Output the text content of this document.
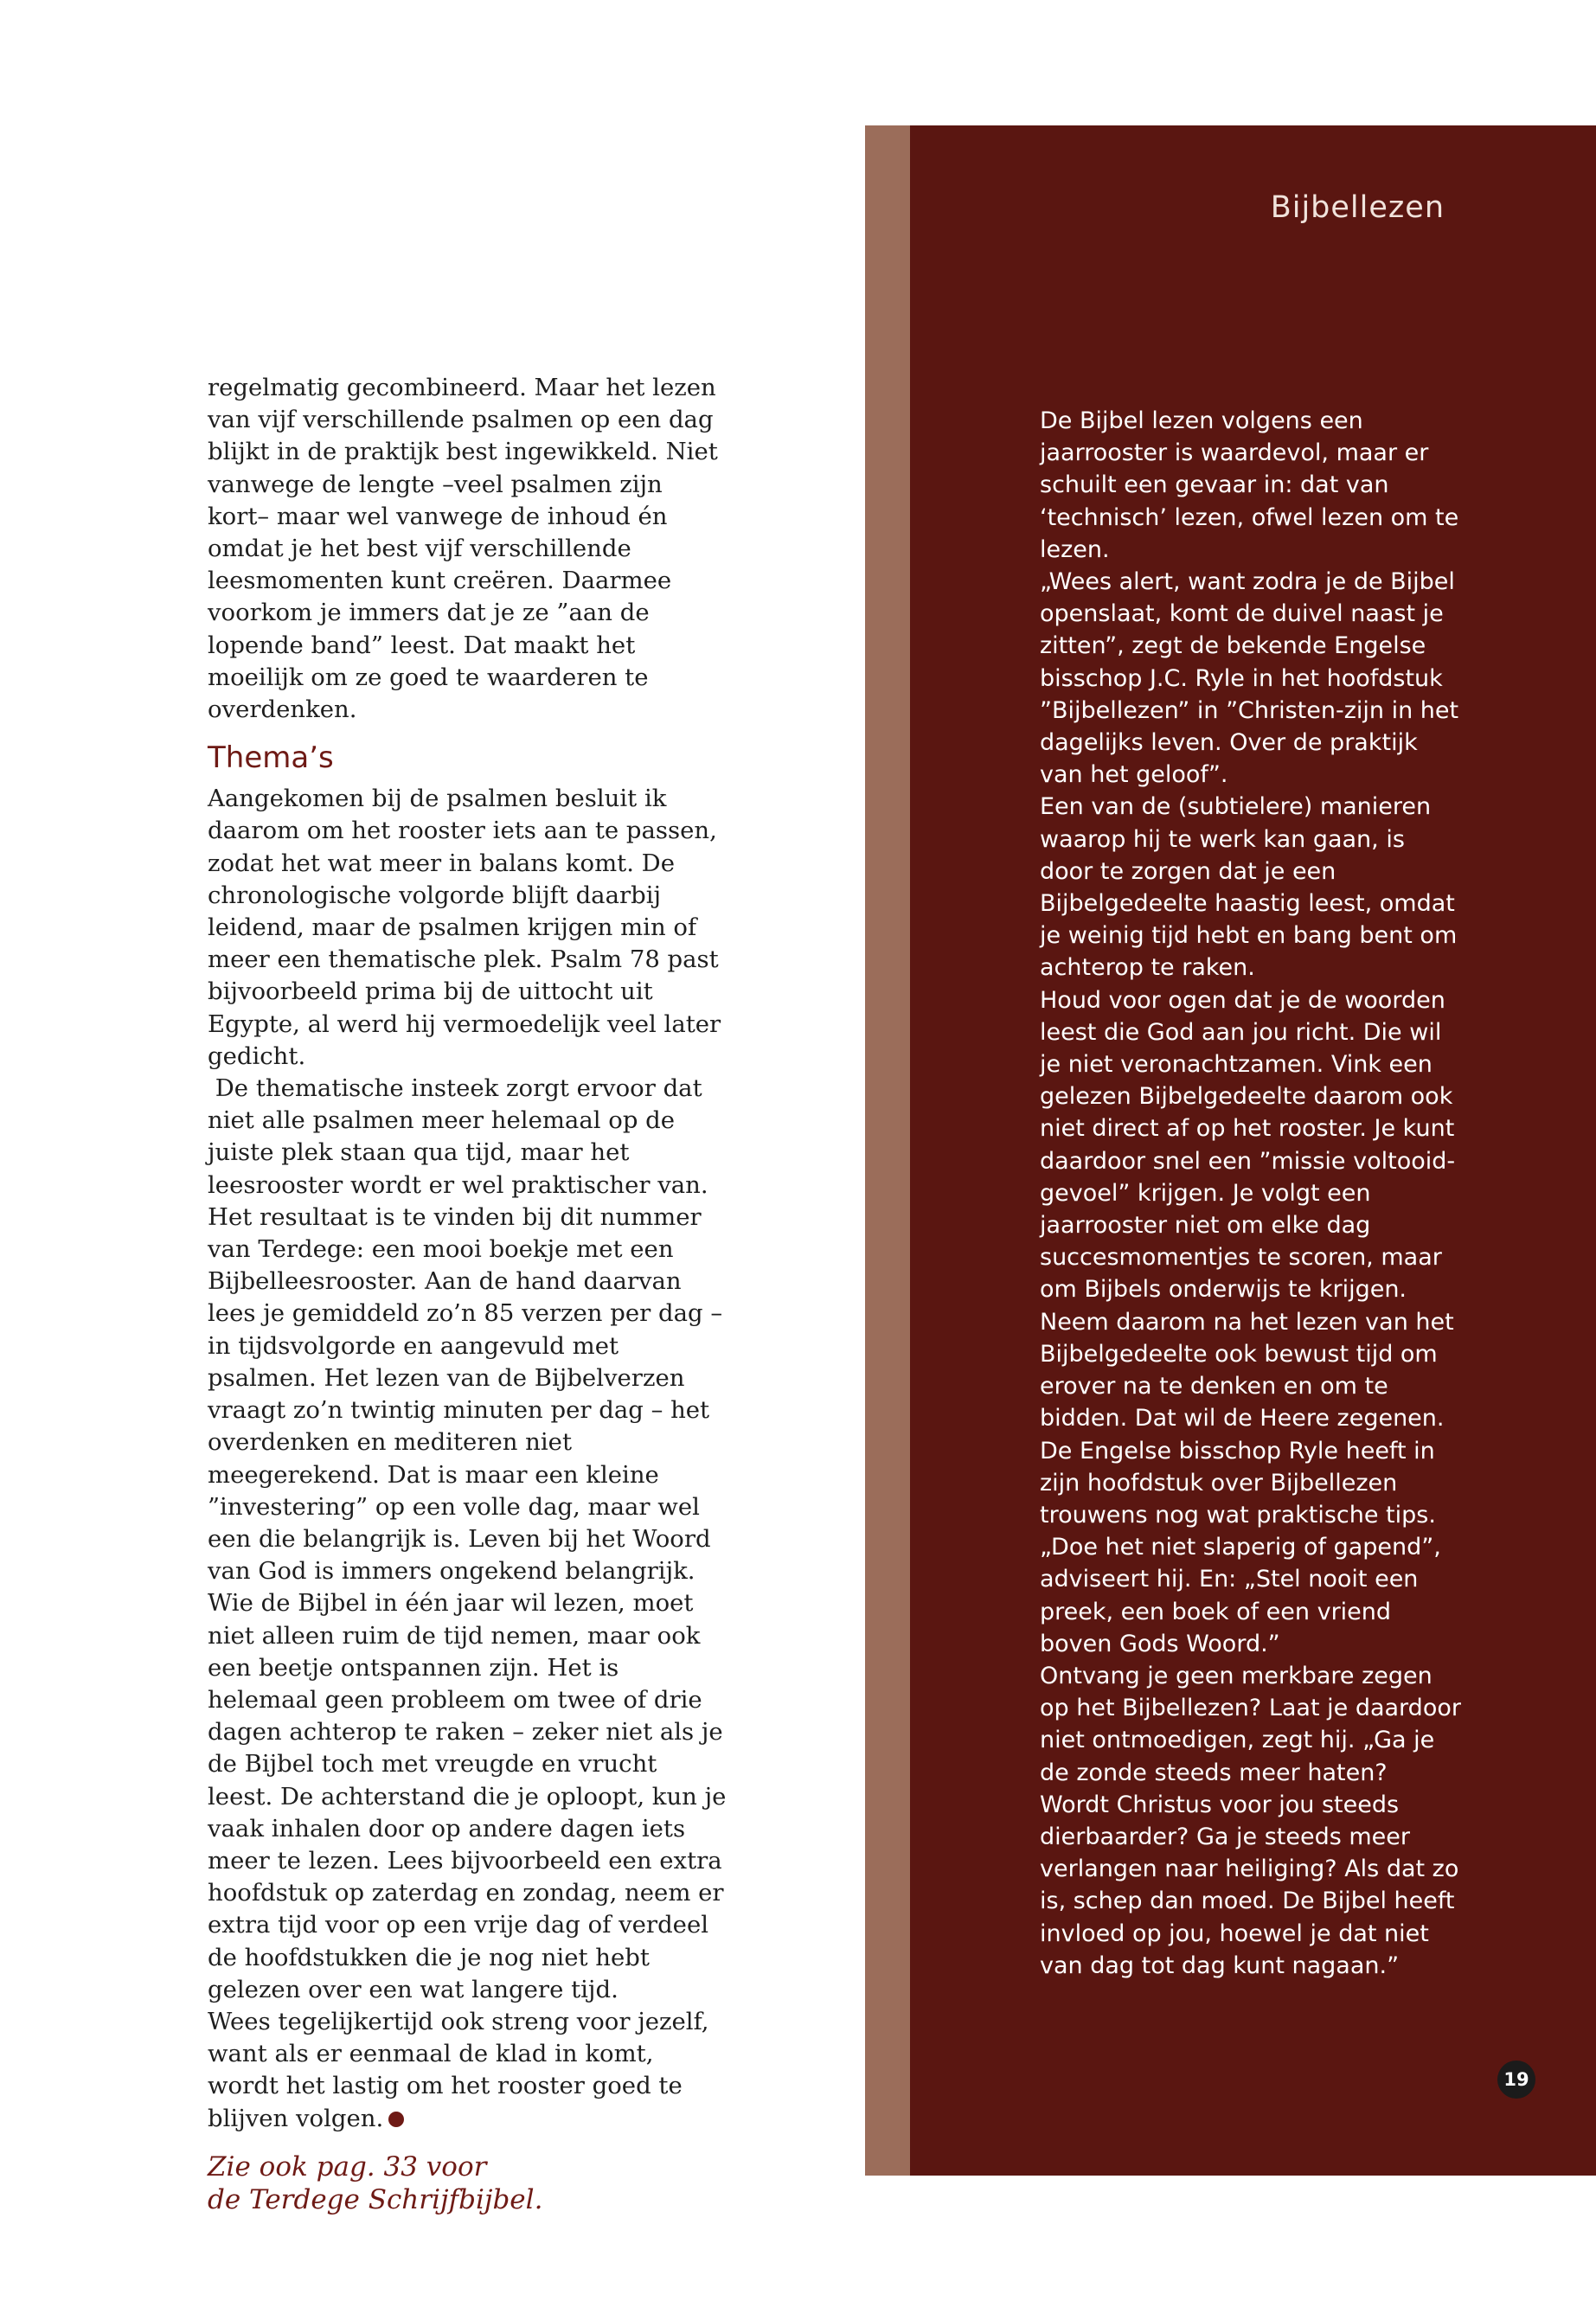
regelmatig gecombineerd. Maar het lezen van vijf verschillende psalmen op een dag blijkt in de praktijk best ingewikkeld. Niet vanwege de lengte –veel psalmen zijn kort– maar wel vanwege de inhoud én omdat je het best vijf verschillende leesmomenten kunt creëren. Daarmee voorkom je immers dat je ze ”aan de lopende band” leest. Dat maakt het moeilijk om ze goed te waarderen te overdenken.

Thema’s

Aangekomen bij de psalmen besluit ik daarom om het rooster iets aan te passen, zodat het wat meer in balans komt. De chronologische volgorde blijft daarbij leidend, maar de psalmen krijgen min of meer een thematische plek. Psalm 78 past bijvoorbeeld prima bij de uittocht uit Egypte, al werd hij vermoedelijk veel later gedicht.

De thematische insteek zorgt ervoor dat niet alle psalmen meer helemaal op de juiste plek staan qua tijd, maar het leesrooster wordt er wel praktischer van. Het resultaat is te vinden bij dit nummer van Terdege: een mooi boekje met een Bijbelleesrooster. Aan de hand daarvan lees je gemiddeld zo’n 85 verzen per dag – in tijdsvolgorde en aangevuld met psalmen. Het lezen van de Bijbelverzen vraagt zo’n twintig minuten per dag – het overdenken en mediteren niet meegerekend. Dat is maar een kleine ”investering” op een volle dag, maar wel een die belangrijk is. Leven bij het Woord van God is immers ongekend belangrijk.

Wie de Bijbel in één jaar wil lezen, moet niet alleen ruim de tijd nemen, maar ook een beetje ontspannen zijn. Het is helemaal geen probleem om twee of drie dagen achterop te raken – zeker niet als je de Bijbel toch met vreugde en vrucht leest. De achterstand die je oploopt, kun je vaak inhalen door op andere dagen iets meer te lezen. Lees bijvoorbeeld een extra hoofdstuk op zaterdag en zondag, neem er extra tijd voor op een vrije dag of verdeel de hoofdstukken die je nog niet hebt gelezen over een wat langere tijd.

Wees tegelijkertijd ook streng voor jezelf, want als er eenmaal de klad in komt, wordt het lastig om het rooster goed te blijven volgen.

Zie ook pag. 33 voor
de Terdege Schrijfbijbel.
Bijbellezen

De Bijbel lezen volgens een jaarrooster is waardevol, maar er schuilt een gevaar in: dat van ‘technisch’ lezen, ofwel lezen om te lezen.

„Wees alert, want zodra je de Bijbel openslaat, komt de duivel naast je zitten”, zegt de bekende Engelse bisschop J.C. Ryle in het hoofdstuk ”Bijbellezen” in ”Christen-zijn in het dagelijks leven. Over de praktijk van het geloof”.

Een van de (subtielere) manieren waarop hij te werk kan gaan, is door te zorgen dat je een Bijbelgedeelte haastig leest, omdat je weinig tijd hebt en bang bent om achterop te raken.

Houd voor ogen dat je de woorden leest die God aan jou richt. Die wil je niet veronachtzamen. Vink een gelezen Bijbelgedeelte daarom ook niet direct af op het rooster. Je kunt daardoor snel een ”missie voltooid-gevoel” krijgen. Je volgt een jaarrooster niet om elke dag succesmomentjes te scoren, maar om Bijbels onderwijs te krijgen. Neem daarom na het lezen van het Bijbelgedeelte ook bewust tijd om erover na te denken en om te bidden. Dat wil de Heere zegenen.

De Engelse bisschop Ryle heeft in zijn hoofdstuk over Bijbellezen trouwens nog wat praktische tips. „Doe het niet slaperig of gapend”, adviseert hij. En: „Stel nooit een preek, een boek of een vriend boven Gods Woord.”

Ontvang je geen merkbare zegen op het Bijbellezen? Laat je daardoor niet ontmoedigen, zegt hij. „Ga je de zonde steeds meer haten? Wordt Christus voor jou steeds dierbaarder? Ga je steeds meer verlangen naar heiliging? Als dat zo is, schep dan moed. De Bijbel heeft invloed op jou, hoewel je dat niet van dag tot dag kunt nagaan.”

19
